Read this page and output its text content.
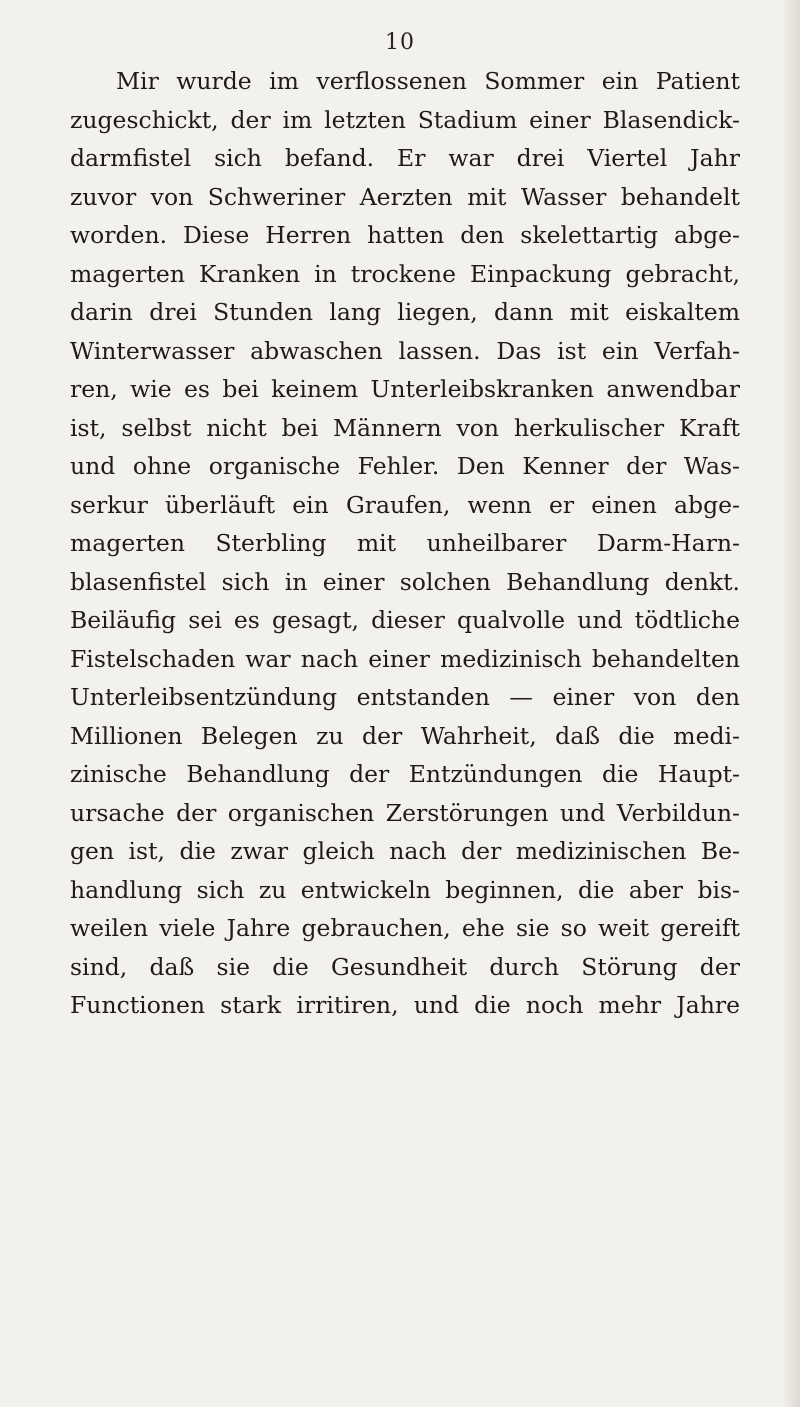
10
Mir wurde im verflossenen Sommer ein Patient
zugeschickt, der im letzten Stadium einer Blasendick-
darmfistel sich befand. Er war drei Viertel Jahr
zuvor von Schweriner Aerzten mit Wasser behandelt
worden. Diese Herren hatten den skelettartig abge-
magerten Kranken in trockene Einpackung gebracht,
darin drei Stunden lang liegen, dann mit eiskaltem
Winterwasser abwaschen lassen. Das ist ein Verfah-
ren, wie es bei keinem Unterleibskranken anwendbar
ist, selbst nicht bei Männern von herkulischer Kraft
und ohne organische Fehler. Den Kenner der Was-
serkur überläuft ein Graufen, wenn er einen abge-
magerten Sterbling mit unheilbarer Darm-Harn-
blasenfistel sich in einer solchen Behandlung denkt.
Beiläufig sei es gesagt, dieser qualvolle und tödtliche
Fistelschaden war nach einer medizinisch behandelten
Unterleibsentzündung entstanden — einer von den
Millionen Belegen zu der Wahrheit, daß die medi-
zinische Behandlung der Entzündungen die Haupt-
ursache der organischen Zerstörungen und Verbildun-
gen ist, die zwar gleich nach der medizinischen Be-
handlung sich zu entwickeln beginnen, die aber bis-
weilen viele Jahre gebrauchen, ehe sie so weit gereift
sind, daß sie die Gesundheit durch Störung der
Functionen stark irritiren, und die noch mehr Jahre
